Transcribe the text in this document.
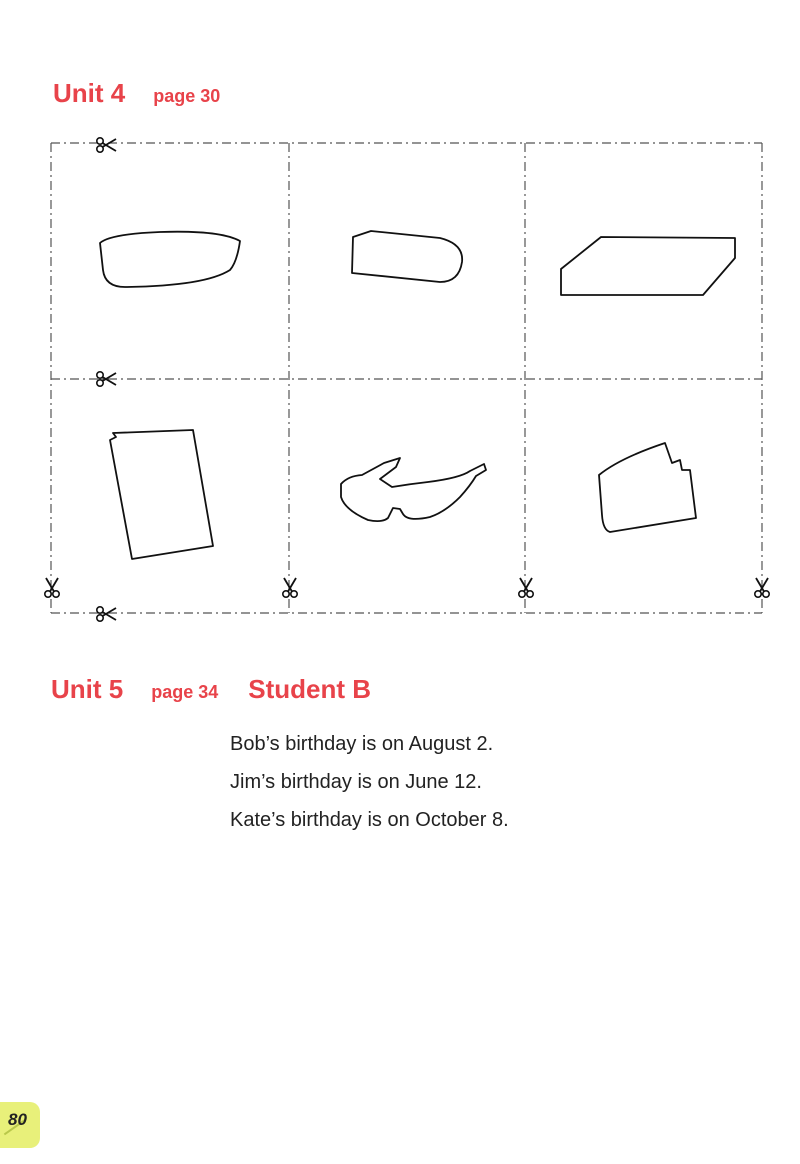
Unit 4 page 30
Unit 5 page 34 Student B
Bob’s birthday is on August 2.
Jim’s birthday is on June 12.
Kate’s birthday is on October 8.
80
